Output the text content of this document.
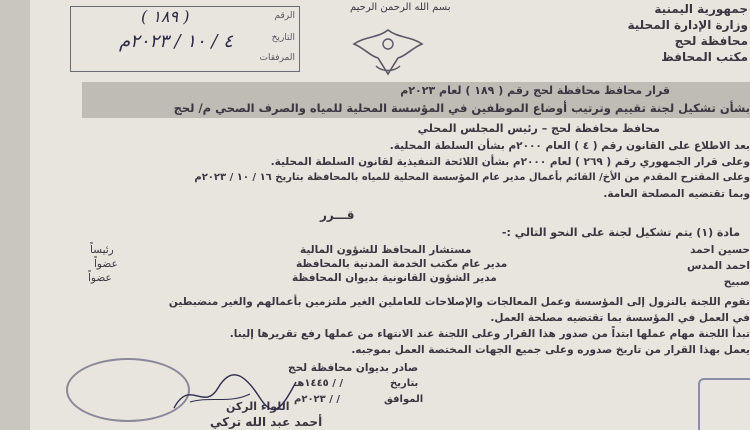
الرقم
التاريخ
المرفقات
( ١٨٩ )
٤ / ١٠ / ٢٠٢٣م
بسم الله الرحمن الرحيم	جمهورية اليمنية
وزارة الإدارة المحلية
محافظة لحج
مكتب المحافظ
قرار محافظ محافظة لحج رقم ( ١٨٩ ) لعام ٢٠٢٣م
بشأن تشكيل لجنة تقييم وترتيب أوضاع الموظفين في المؤسسة المحلية للمياه والصرف الصحي م/ لحج
محافظ محافظة لحج – رئيس المجلس المحلي
بعد الاطلاع على القانون رقم ( ٤ ) العام ٢٠٠٠م بشأن السلطة المحلية.
وعلى قرار الجمهوري رقم ( ٢٦٩ ) لعام ٢٠٠٠م بشأن اللائحة التنفيذية لقانون السلطة المحلية.
وعلى المقترح المقدم من الأخ/ القائم بأعمال مدير عام المؤسسة المحلية للمياه بالمحافظة بتاريخ ١٦ / ١٠ / ٢٠٢٣م
وبما تقتضيه المصلحة العامة.
قـــرر
مادة (١) يتم تشكيل لجنة على النحو التالي :-
حسين احمد
مستشار المحافظ للشؤون المالية
رئيساً
احمد المدس
مدير عام مكتب الخدمة المدنية بالمحافظة
عضواً
صبيح
مدير الشؤون القانونية بديوان المحافظة
عضواً
تقوم اللجنة بالنزول إلى المؤسسة وعمل المعالجات والإصلاحات للعاملين الغير ملتزمين بأعمالهم والغير منضبطين
في العمل في المؤسسة بما تقتضيه مصلحة العمل.
تبدأ اللجنة مهام عملها ابتداً من صدور هذا القرار وعلى اللجنة عند الانتهاء من عملها رفع تقريرها إلينا.
يعمل بهذا القرار من تاريخ صدوره وعلى جميع الجهات المختصة العمل بموجبه.
صادر بديوان محافظة لحج
بتاريخ
/ / ١٤٤٥هـ
الموافق
/ / ٢٠٢٣م
اللواء الركن
أحمد عبد الله تركي
